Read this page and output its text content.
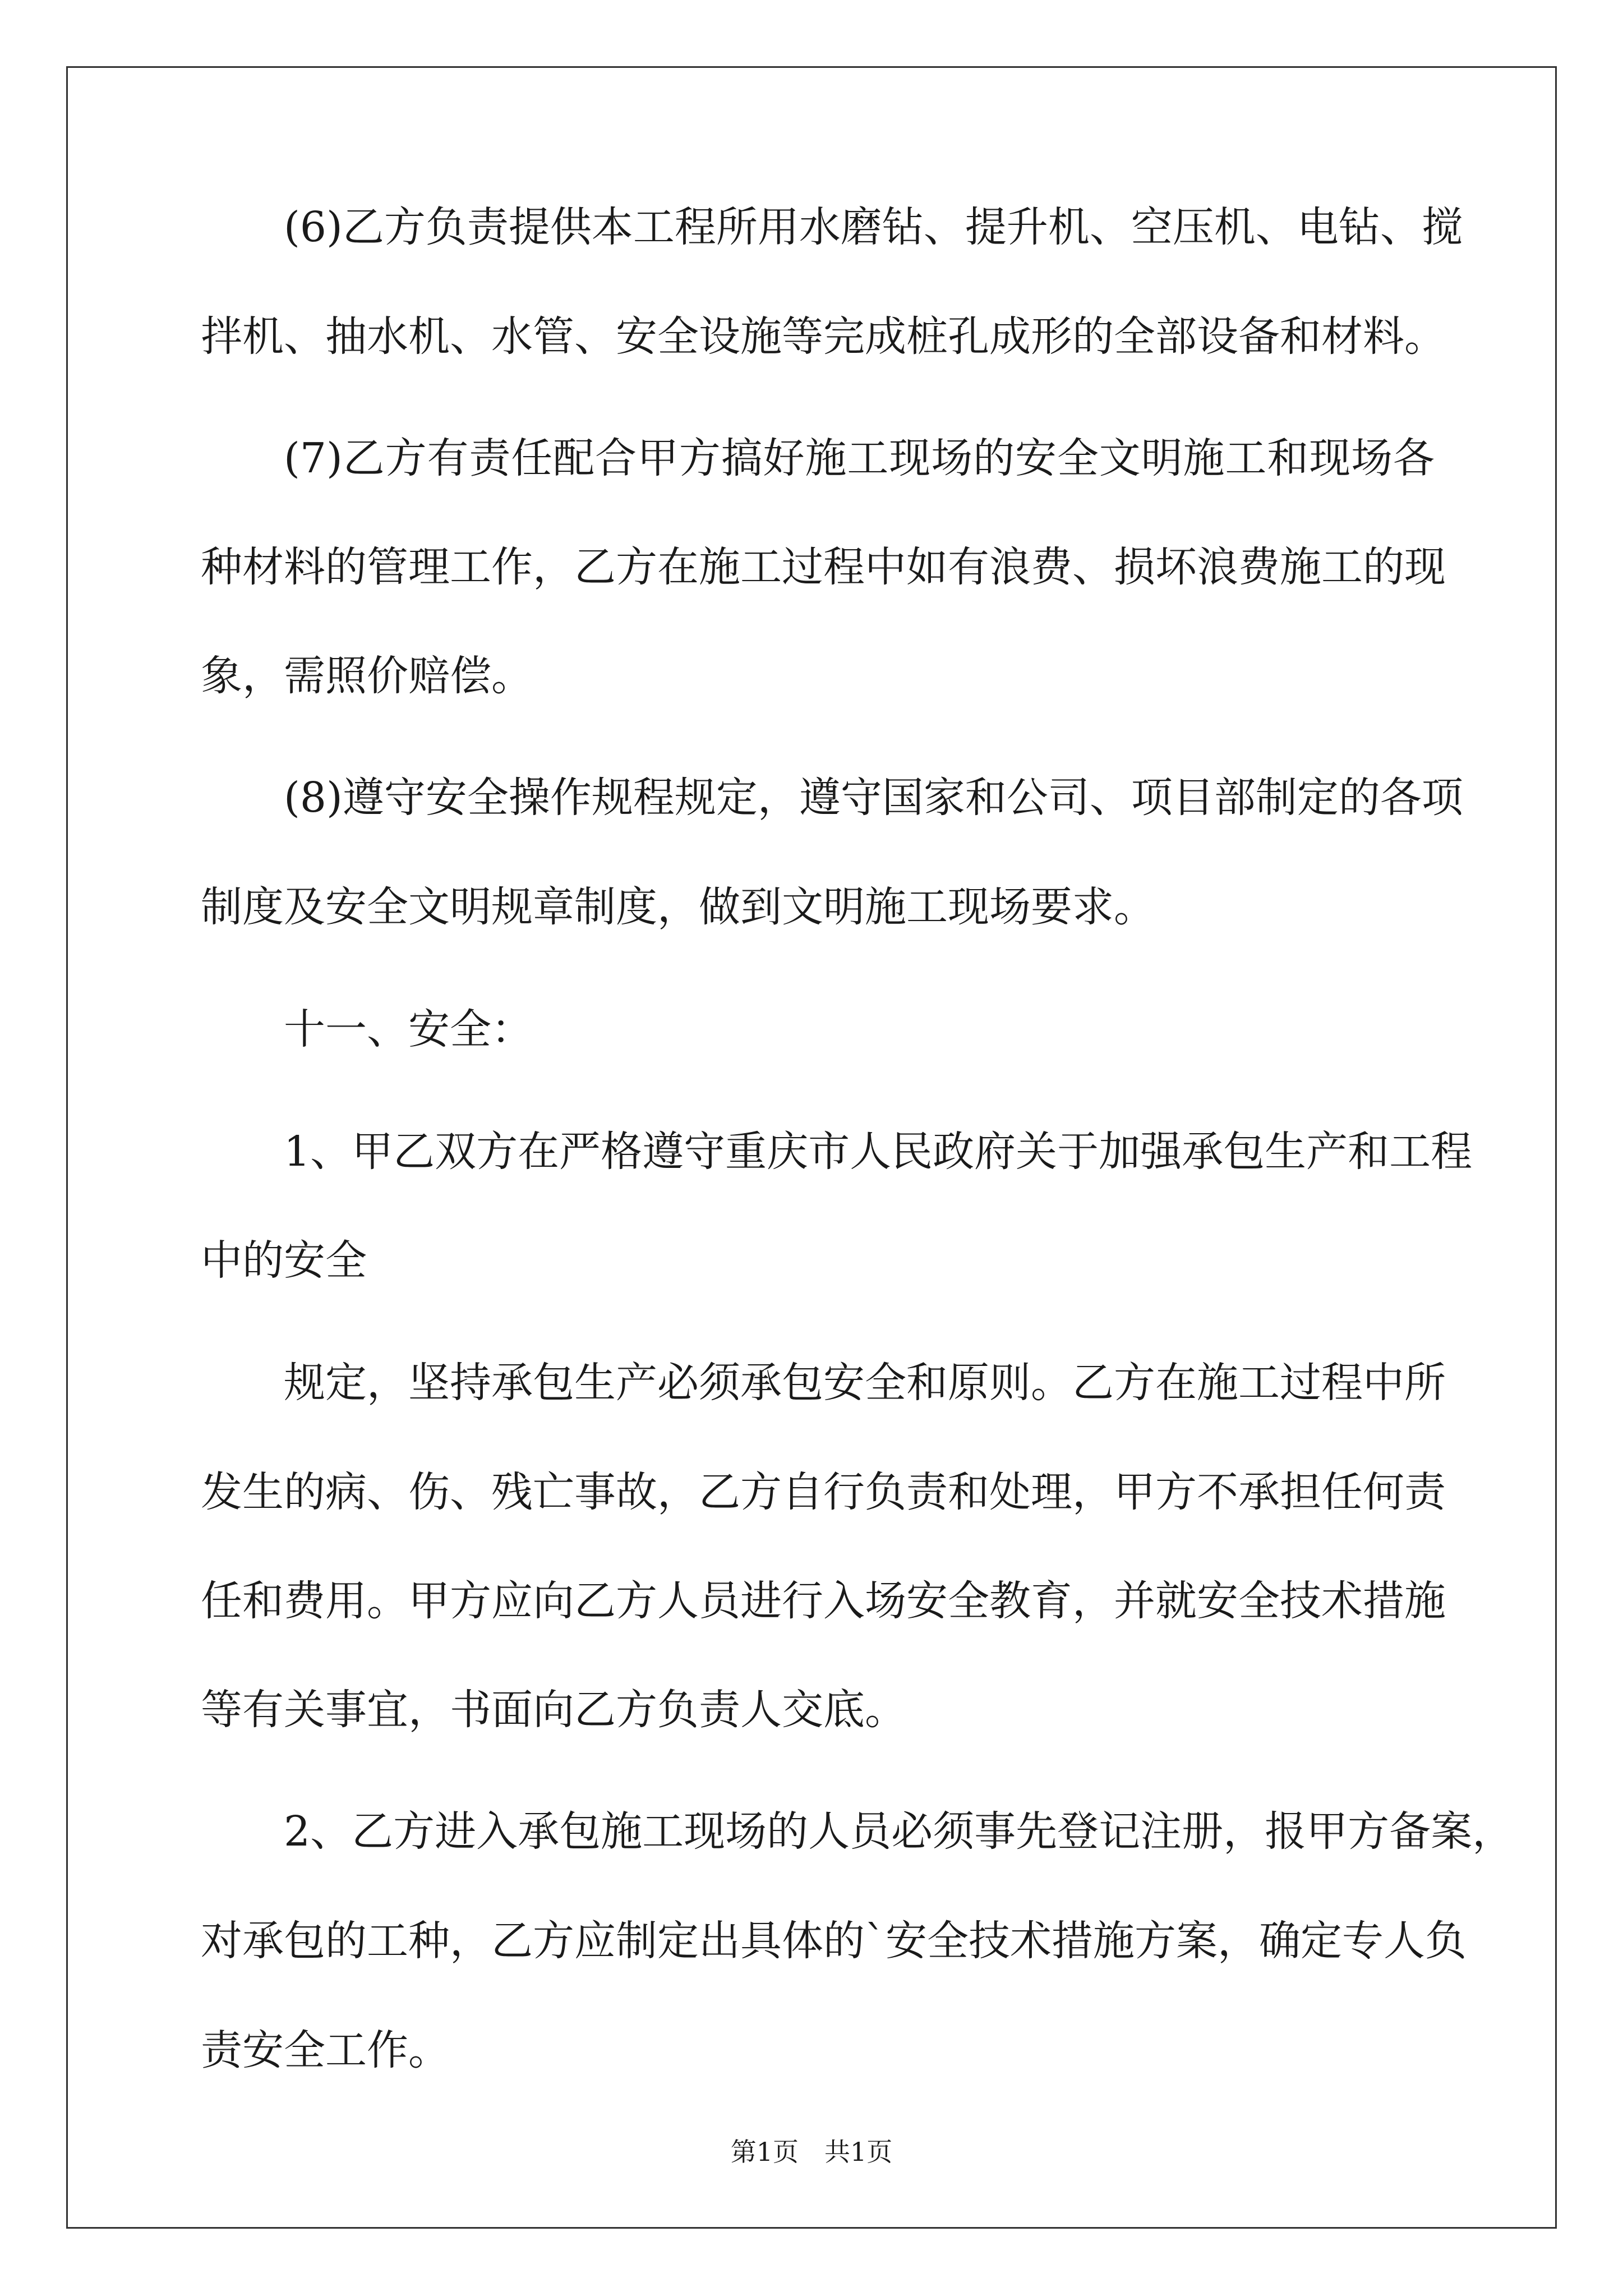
(6)乙方负责提供本工程所用水磨钻、提升机、空压机、电钻、搅
拌机、抽水机、水管、安全设施等完成桩孔成形的全部设备和材料。
(7)乙方有责任配合甲方搞好施工现场的安全文明施工和现场各
种材料的管理工作，乙方在施工过程中如有浪费、损坏浪费施工的现
象，需照价赔偿。
(8)遵守安全操作规程规定，遵守国家和公司、项目部制定的各项
制度及安全文明规章制度，做到文明施工现场要求。
十一、安全：
1、甲乙双方在严格遵守重庆市人民政府关于加强承包生产和工程
中的安全
规定，坚持承包生产必须承包安全和原则。乙方在施工过程中所
发生的病、伤、残亡事故，乙方自行负责和处理，甲方不承担任何责
任和费用。甲方应向乙方人员进行入场安全教育，并就安全技术措施
等有关事宜，书面向乙方负责人交底。
2、乙方进入承包施工现场的人员必须事先登记注册，报甲方备案，
对承包的工种，乙方应制定出具体的`安全技术措施方案，确定专人负
责安全工作。
第1页　共1页
